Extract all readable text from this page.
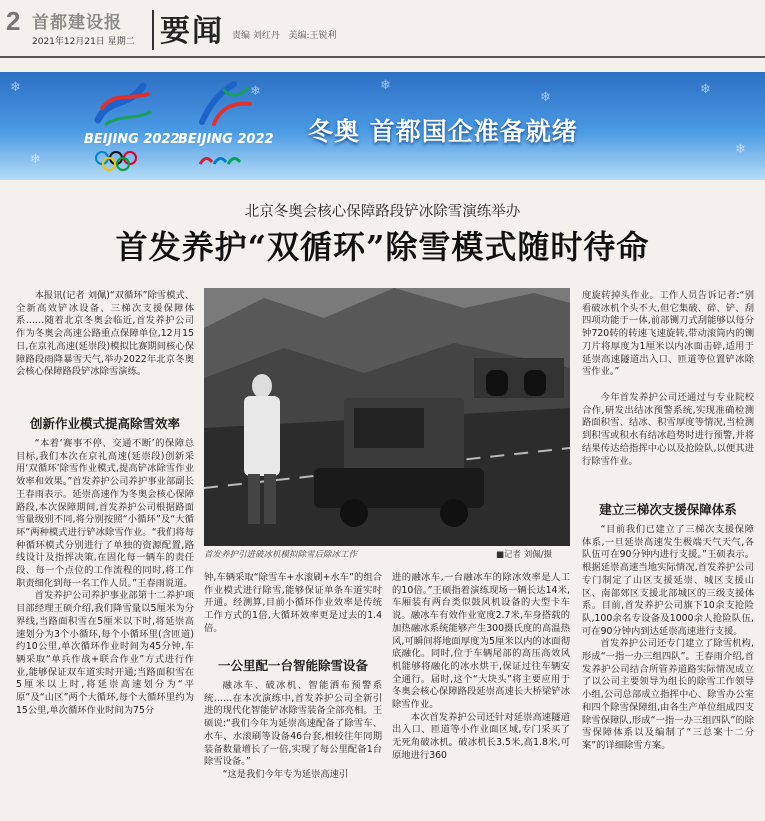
2 首都建设报
2021年12月21日 星期二 要闻 责编 刘红丹 美编:王锐利
❄	❄	❄
❄
❄
❄
❄
BEIJING 2022
BEIJING 2022 冬奥 首都国企准备就绪
北京冬奥会核心保障路段铲冰除雪演练举办
首发养护“双循环”除雪模式随时待命

本报讯(记者 刘佩)“双循环”除雪模式、全新高效铲冰设备、三梯次支援保障体系……随着北京冬奥会临近,首发养护公司作为冬奥会高速公路重点保障单位,12月15日,在京礼高速(延崇段)模拟比赛期间核心保障路段雨降暴雪天气,举办2022年北京冬奥会核心保障路段铲冰除雪演练。

创新作业模式提高除雪效率

“本着‘赛事不停、交通不断’的保障总目标,我们本次在京礼高速(延崇段)创新采用‘双循环’除雪作业模式,提高铲冰除雪作业效率和效果。”首发养护公司养护事业部副长王春雨表示。延崇高速作为冬奥会核心保障路段,本次保障期间,首发养护公司根据路面雪量级别不同,将分别按照“小循环”及“大循环”两种模式进行铲冰除雪作业。“我们将每种循环模式分别进行了单独的资源配置,路线设计及指挥决策,在固化每一辆车的责任段、每一个点位的工作流程的同时,将工作职责细化到每一名工作人员。”王春雨说道。

首发养护公司养护事业部第十二养护项目部经理王硕介绍,我们降雪量以5厘米为分界线,当路面积雪在5厘米以下时,将延崇高速划分为3个小循环,每个小循环里(含匝道)约10公里,单次循环作业时间为45分钟,车辆采取“单兵作战+联合作业”方式进行作业,能够保证双车道实时开通;当路面积雪在5厘米以上时,将延崇高速划分为“平原”及“山区”两个大循环,每个大循环里约为15公里,单次循环作业时间为75分

首发养护引进破冰机模拟除雪后除冰工作	■记者 刘佩/摄

钟,车辆采取“除雪车+水滚刷+水车”的组合作业模式进行除雪,能够保证单条车道实时开通。经测算,目前小循环作业效率是传统工作方式的1倍,大循环效率更是过去的1.4倍。

一公里配一台智能除雪设备

融冰车、破冰机、智能洒布预警系统……在本次演练中,首发养护公司全新引进的现代化智能铲冰除雪装备全部亮相。王硕说:“我们今年为延崇高速配备了除雪车、水车、水滚刷等设备46台套,相较往年同期装备数量增长了一倍,实现了每公里配备1台除雪设备。”

“这是我们今年专为延崇高速引

进的融冰车,一台融冰车的除冰效率是人工的10倍。”王硕指着演练现场一辆长达14米,车厢装有两台类似鼓风机设备的大型卡车说。融冰车有效作业宽度2.7米,车身搭载的加热融冰系统能够产生300摄氏度的高温热风,可瞬间将地面厚度为5厘米以内的冰面彻底融化。同时,位于车辆尾部的高压高效风机能够将融化的冰水烘干,保证过往车辆安全通行。届时,这个“大块头”将主要应用于冬奥会核心保障路段延崇高速长大桥梁铲冰除雪作业。

本次首发养护公司还针对延崇高速隧道出入口、匝道等小作业面区域,专门采买了无死角破冰机。破冰机长3.5米,高1.8米,可原地进行360

度旋转掉头作业。工作人员告诉记者:“别看破冰机个头不大,但它集破、碎、铲、刮四项功能于一体,前部铡刀式刮能够以每分钟720转的转速飞速旋转,带动滚筒内的铡刀片将厚度为1厘米以内冰面击碎,适用于延崇高速隧道出入口、匝道等位置铲冰除雪作业。”

今年首发养护公司还通过与专业院校合作,研发出结冰预警系统,实现准确检测路面积雪、结冰、积雪厚度等情况,当检测到积雪或积水有结冰趋势时进行预警,并将结果传达给指挥中心以及抢险队,以便其进行除雪作业。

建立三梯次支援保障体系

“目前我们已建立了三梯次支援保障体系,一旦延崇高速发生极端天气天气,各队伍可在90分钟内进行支援。”王硕表示。根据延崇高速当地实际情况,首发养护公司专门制定了山区支援延崇、城区支援山区、南部郊区支援北部城区的三级支援体系。目前,首发养护公司旗下10余支抢险队,100余名专设备及1000余人抢险队伍,可在90分钟内到达延崇高速进行支援。

首发养护公司还专门建立了除雪机构,形成“一指一办三组四队”。王春雨介绍,首发养护公司结合所管养道路实际情况成立了以公司主要领导为组长的除雪工作领导小组,公司总部成立指挥中心、除雪办公室和四个除雪保障组,由各生产单位组成四支除雪保障队,形成“一指一办三组四队”的除雪保障体系以及编制了“三总案十二分案”的详细除雪方案。
